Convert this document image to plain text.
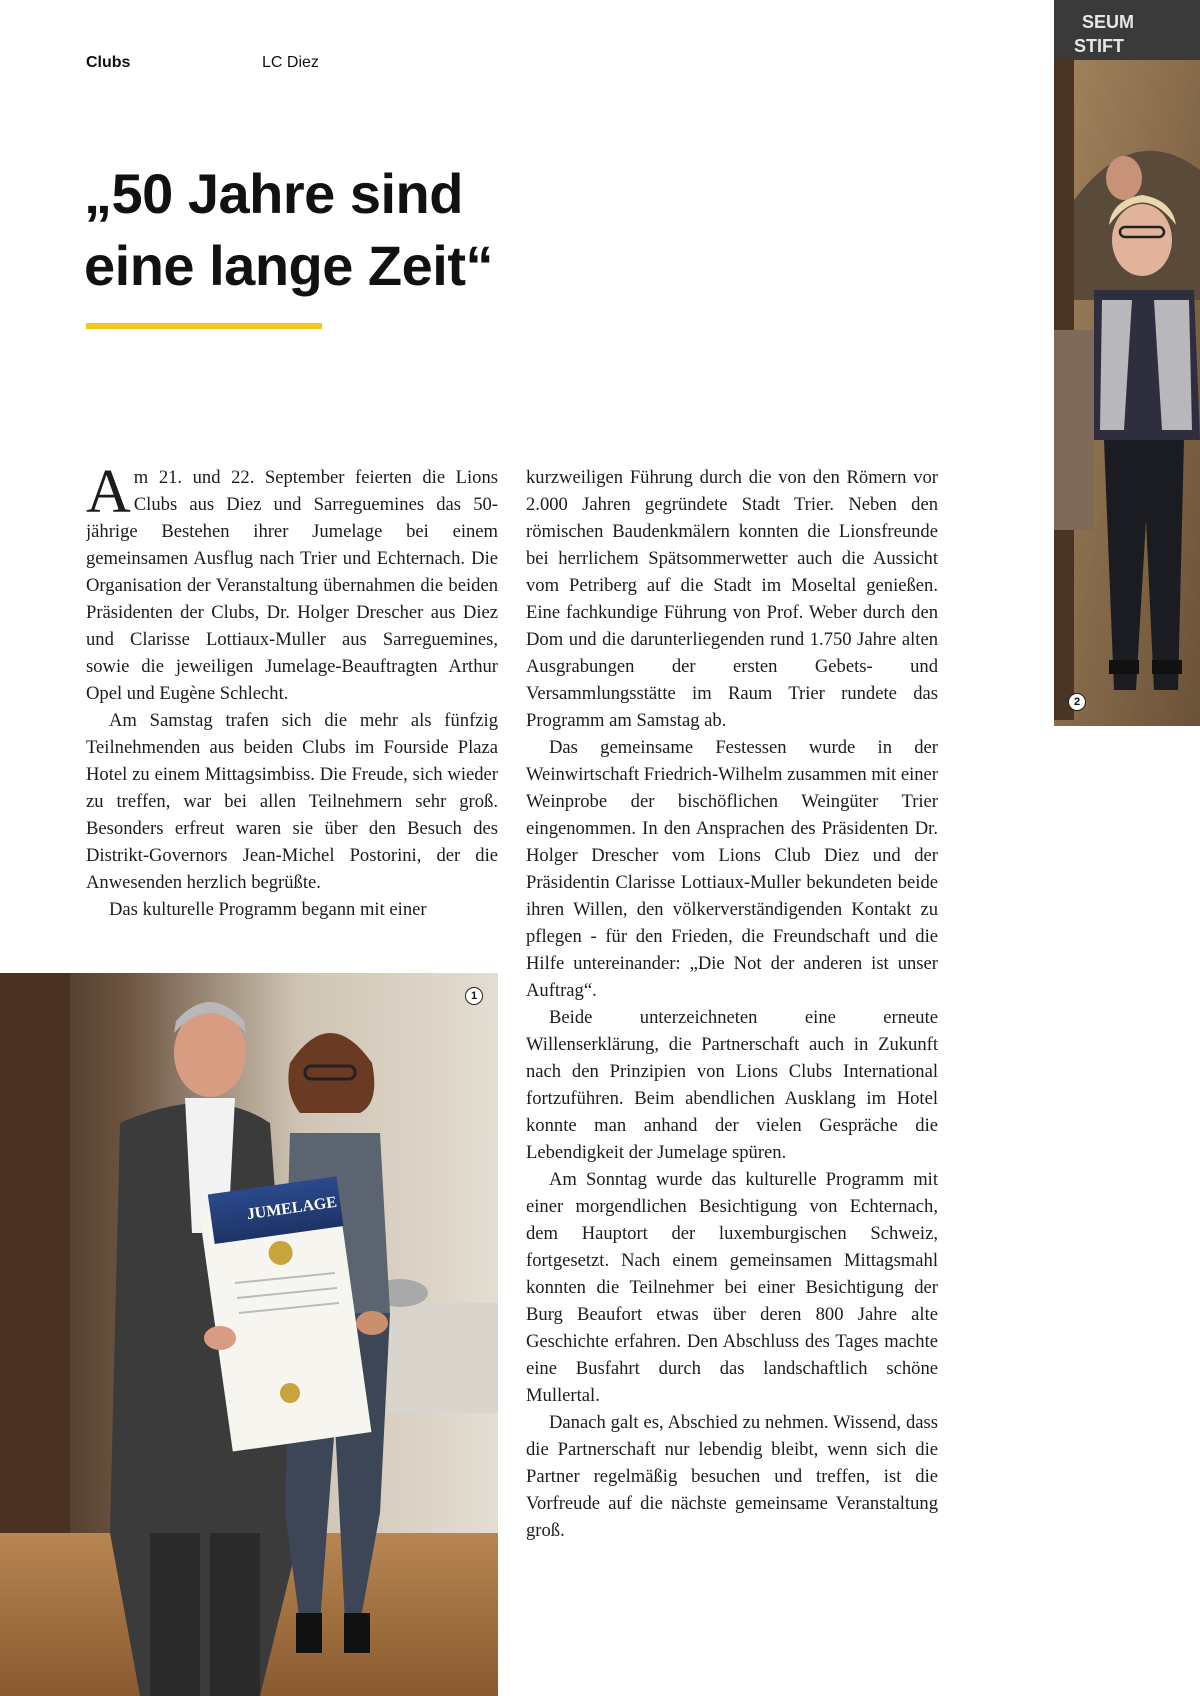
Clubs	LC Diez
„50 Jahre sind
eine lange Zeit“

Am 21. und 22. September feierten die Lions Clubs aus Diez und Sarreguemines das 50-jährige Bestehen ihrer Jumelage bei einem gemeinsamen Ausflug nach Trier und Echternach. Die Organisation der Veranstaltung übernahmen die beiden Präsidenten der Clubs, Dr. Holger Drescher aus Diez und Clarisse Lottiaux-Muller aus Sarreguemines, sowie die jeweiligen Jumelage-Beauftragten Arthur Opel und Eugène Schlecht.

Am Samstag trafen sich die mehr als fünfzig Teilnehmenden aus beiden Clubs im Fourside Plaza Hotel zu einem Mittagsimbiss. Die Freude, sich wieder zu treffen, war bei allen Teilnehmern sehr groß. Besonders erfreut waren sie über den Besuch des Distrikt-Governors Jean-Michel Postorini, der die Anwesenden herzlich begrüßte.

Das kulturelle Programm begann mit einer

kurzweiligen Führung durch die von den Römern vor 2.000 Jahren gegründete Stadt Trier. Neben den römischen Baudenkmälern konnten die Lionsfreunde bei herrlichem Spätsommerwetter auch die Aussicht vom Petriberg auf die Stadt im Moseltal genießen. Eine fachkundige Führung von Prof. Weber durch den Dom und die darunterliegenden rund 1.750 Jahre alten Ausgrabungen der ersten Gebets- und Versammlungsstätte im Raum Trier rundete das Programm am Samstag ab.

Das gemeinsame Festessen wurde in der Weinwirtschaft Friedrich-Wilhelm zusammen mit einer Weinprobe der bischöflichen Weingüter Trier eingenommen. In den Ansprachen des Präsidenten Dr. Holger Drescher vom Lions Club Diez und der Präsidentin Clarisse Lottiaux-Muller bekundeten beide ihren Willen, den völkerverständigenden Kontakt zu pflegen - für den Frieden, die Freundschaft und die Hilfe untereinander: „Die Not der anderen ist unser Auftrag“.

Beide unterzeichneten eine erneute Willenserklärung, die Partnerschaft auch in Zukunft nach den Prinzipien von Lions Clubs International fortzuführen. Beim abendlichen Ausklang im Hotel konnte man anhand der vielen Gespräche die Lebendigkeit der Jumelage spüren.

Am Sonntag wurde das kulturelle Programm mit einer morgendlichen Besichtigung von Echternach, dem Hauptort der luxemburgischen Schweiz, fortgesetzt. Nach einem gemeinsamen Mittagsmahl konnten die Teilnehmer bei einer Besichtigung der Burg Beaufort etwas über deren 800 Jahre alte Geschichte erfahren. Den Abschluss des Tages machte eine Busfahrt durch das landschaftlich schöne Mullertal.

Danach galt es, Abschied zu nehmen. Wissend, dass die Partnerschaft nur lebendig bleibt, wenn sich die Partner regelmäßig besuchen und treffen, ist die Vorfreude auf die nächste gemeinsame Veranstaltung groß.

JUMELAGE
1
SEUM
STIFT
2
